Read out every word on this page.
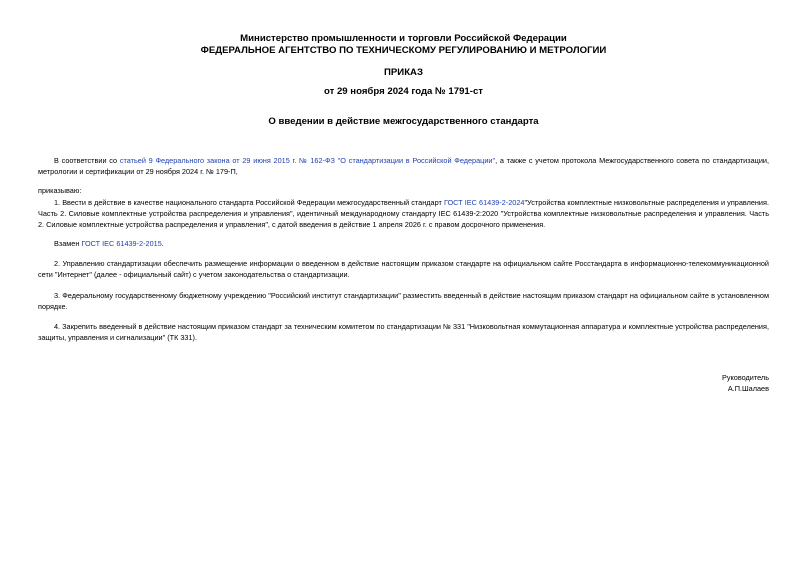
Министерство промышленности и торговли Российской Федерации
ФЕДЕРАЛЬНОЕ АГЕНТСТВО ПО ТЕХНИЧЕСКОМУ РЕГУЛИРОВАНИЮ И МЕТРОЛОГИИ
ПРИКАЗ
от 29 ноября 2024 года № 1791-ст
О введении в действие межгосударственного стандарта
В соответствии со статьей 9 Федерального закона от 29 июня 2015 г. № 162-ФЗ "О стандартизации в Российской Федерации", а также с учетом протокола Межгосударственного совета по стандартизации, метрологии и сертификации от 29 ноября 2024 г. № 179-П,
приказываю:
1. Ввести в действие в качестве национального стандарта Российской Федерации межгосударственный стандарт ГОСТ IEC 61439-2-2024"Устройства комплектные низковольтные распределения и управления. Часть 2. Силовые комплектные устройства распределения и управления", идентичный международному стандарту IEC 61439-2:2020 "Устройства комплектные низковольтные распределения и управления. Часть 2. Силовые комплектные устройства распределения и управления", с датой введения в действие 1 апреля 2026 г. с правом досрочного применения.
Взамен ГОСТ IEC 61439-2-2015.
2. Управлению стандартизации обеспечить размещение информации о введенном в действие настоящим приказом стандарте на официальном сайте Росстандарта в информационно-телекоммуникационной сети "Интернет" (далее - официальный сайт) с учетом законодательства о стандартизации.
3. Федеральному государственному бюджетному учреждению "Российский институт стандартизации" разместить введенный в действие настоящим приказом стандарт на официальном сайте в установленном порядке.
4. Закрепить введенный в действие настоящим приказом стандарт за техническим комитетом по стандартизации № 331 "Низковольтная коммутационная аппаратура и комплектные устройства распределения, защиты, управления и сигнализации" (ТК 331).
Руководитель
А.П.Шалаев
